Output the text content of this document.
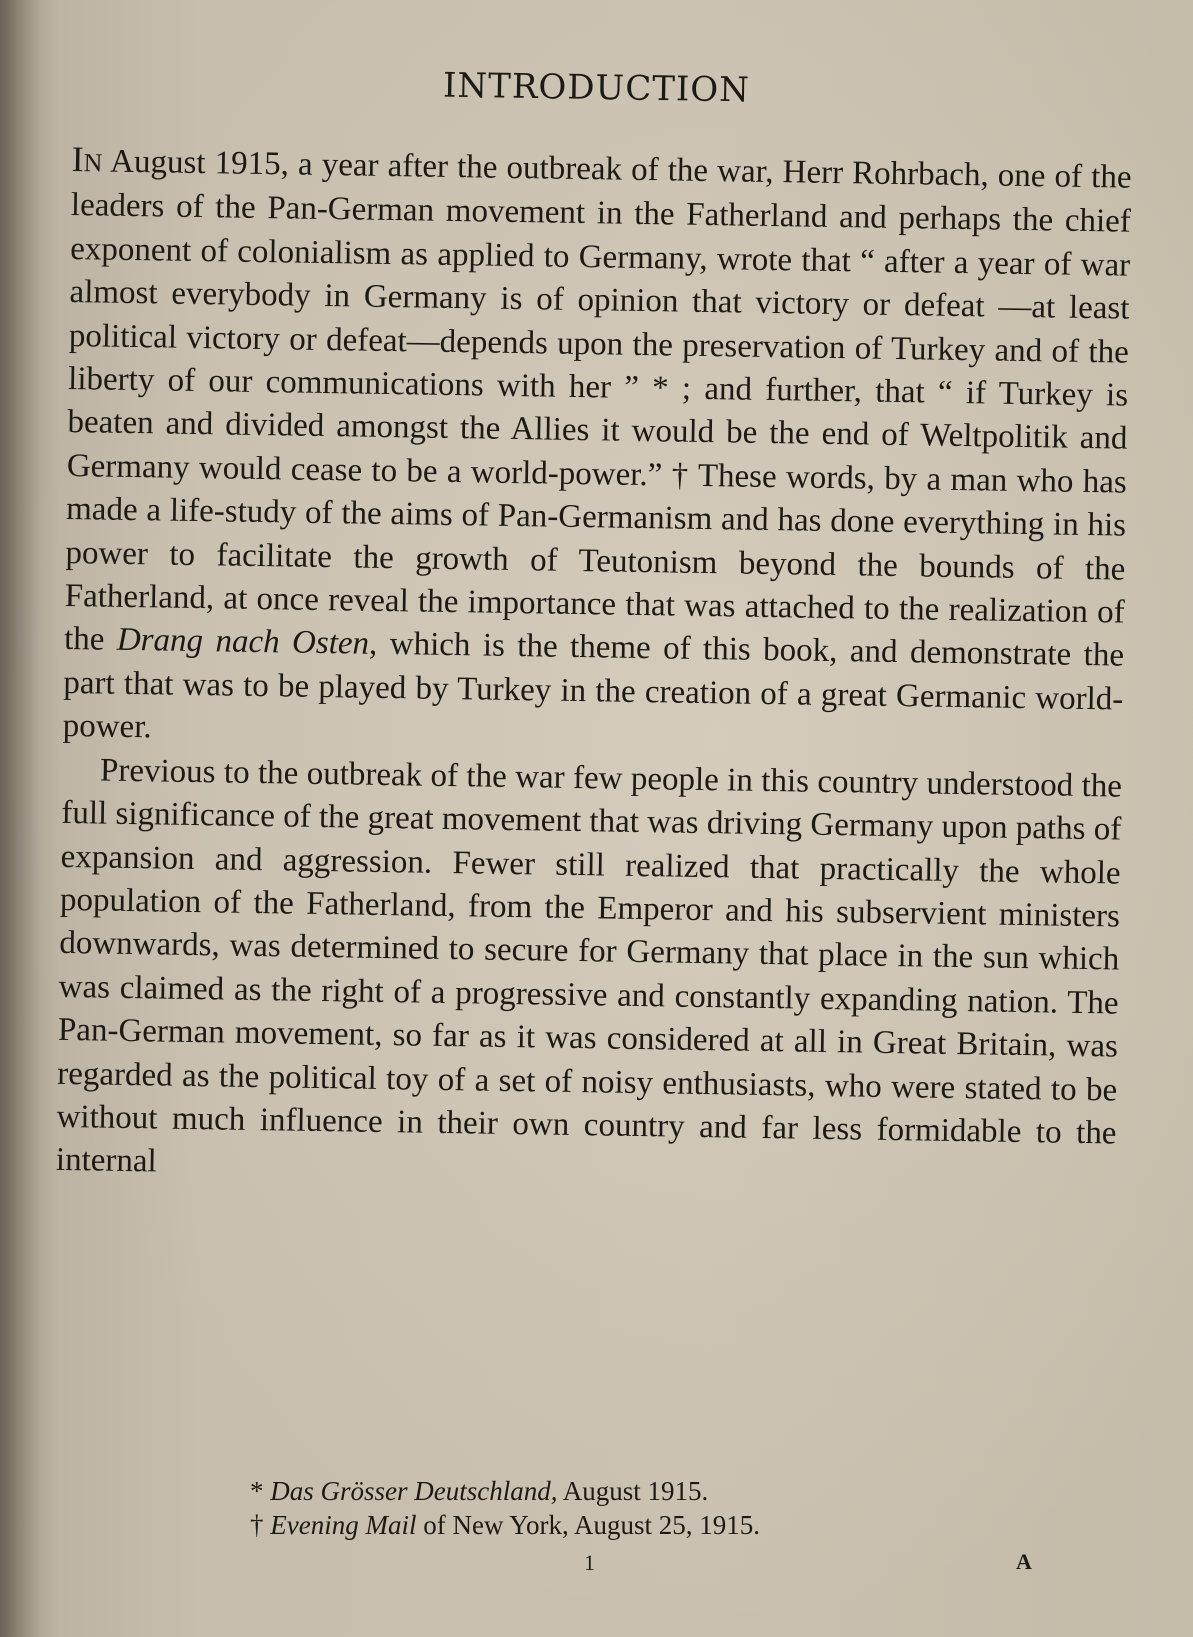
INTRODUCTION

IN August 1915, a year after the outbreak of the war, Herr Rohrbach, one of the leaders of the Pan-German movement in the Fatherland and perhaps the chief exponent of colonialism as applied to Germany, wrote that “ after a year of war almost everybody in Germany is of opinion that victory or defeat —at least political victory or defeat—depends upon the preservation of Turkey and of the liberty of our communications with her ” * ; and further, that “ if Turkey is beaten and divided amongst the Allies it would be the end of Weltpolitik and Germany would cease to be a world-power.” † These words, by a man who has made a life-study of the aims of Pan-Germanism and has done everything in his power to facilitate the growth of Teutonism beyond the bounds of the Fatherland, at once reveal the importance that was attached to the realization of the Drang nach Osten, which is the theme of this book, and demonstrate the part that was to be played by Turkey in the creation of a great Germanic world-power.

Previous to the outbreak of the war few people in this country understood the full significance of the great movement that was driving Germany upon paths of expansion and aggression. Fewer still realized that practically the whole population of the Fatherland, from the Emperor and his subservient ministers downwards, was determined to secure for Germany that place in the sun which was claimed as the right of a progressive and constantly expanding nation. The Pan-German movement, so far as it was considered at all in Great Britain, was regarded as the political toy of a set of noisy enthusiasts, who were stated to be without much influence in their own country and far less formidable to the internal

* Das Grösser Deutschland, August 1915.
† Evening Mail of New York, August 25, 1915.
1	A
